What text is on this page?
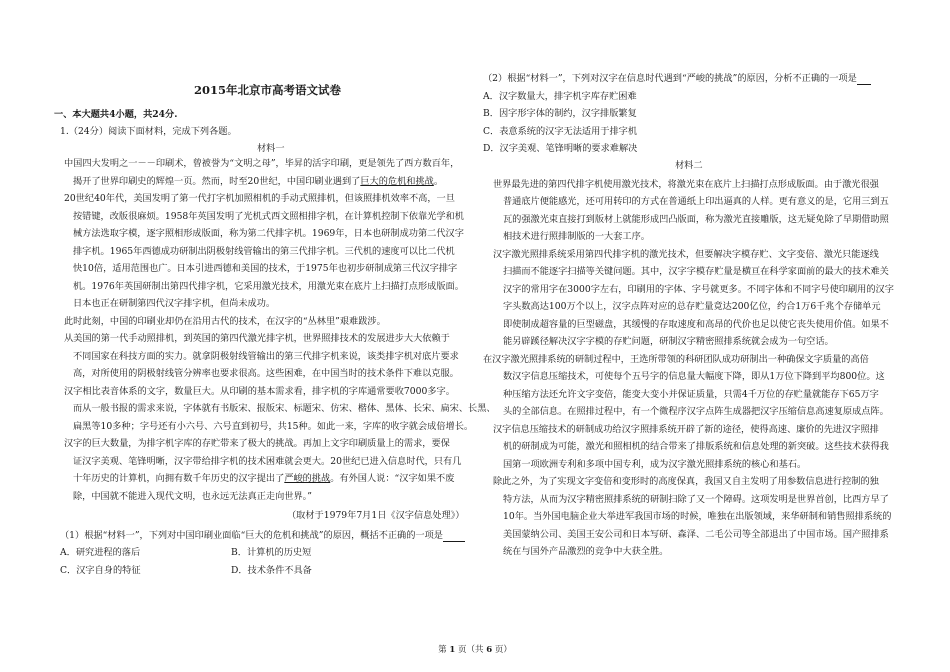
2015年北京市高考语文试卷
一、本大题共4小题，共24分.
1.（24分）阅读下面材料，完成下列各题。
材料一
中国四大发明之一－－印刷术，曾被誉为“文明之母”，毕昇的活字印刷，更是领先了西方数百年，
揭开了世界印刷史的辉煌一页。然而，时至20世纪，中国印刷业遇到了巨大的危机和挑战。
20世纪40年代，美国发明了第一代打字机加照相机的手动式照排机，但该照排机效率不高，一旦
按错键，改版很麻烦。1958年英国发明了光机式西文照相排字机，在计算机控制下依靠光学和机
械方法选取字模，逐字照相形成版面，称为第二代排字机。1969年，日本也研制成功第二代汉字
排字机。1965年西德成功研制出阴极射线管输出的第三代排字机。三代机的速度可以比二代机
快10倍，适用范围也广。日本引进西德和美国的技术，于1975年也初步研制成第三代汉字排字
机。1976年英国研制出第四代排字机，它采用激光技术，用激光束在底片上扫描打点形成版面。
日本也正在研制第四代汉字排字机，但尚未成功。
此时此刻，中国的印刷业却仍在沿用古代的技术，在汉字的“丛林里”艰难跋涉。
从美国的第一代手动照排机，到英国的第四代激光排字机，世界照排技术的发展进步大大依赖于
不同国家在科技方面的实力。就拿阴极射线管输出的第三代排字机来说，该类排字机对底片要求
高，对所使用的阴极射线管分辨率也要求很高。这些困难，在中国当时的技术条件下难以克服。
汉字相比表音体系的文字，数量巨大。从印刷的基本需求看，排字机的字库通常要收7000多字。
而从一般书报的需求来说，字体就有书版宋、报版宋、标题宋、仿宋、楷体、黑体、长宋、扁宋、长黑、
扁黑等10多种；字号还有小六号、六号直到初号，共15种。如此一来，字库的收字就会成倍增长。
汉字的巨大数量，为排字机字库的存贮带来了极大的挑战。再加上文字印刷质量上的需求，要保
证汉字美观、笔锋明晰，汉字带给排字机的技术困难就会更大。20世纪已进入信息时代，只有几
十年历史的计算机，向拥有数千年历史的汉字提出了严峻的挑战。有外国人说：“汉字如果不废
除，中国就不能进入现代文明，也永远无法真正走向世界。”
（取材于1979年7月1日《汉字信息处理》）
（1）根据“材料一”，下列对中国印刷业面临“巨大的危机和挑战”的原因，概括不正确的一项是
A．研究进程的落后	B．计算机的历史短
C．汉字自身的特征	D．技术条件不具备
（2）根据“材料一”，下列对汉字在信息时代遇到“严峻的挑战”的原因，分析不正确的一项是
A．汉字数量大，排字机字库存贮困难
B．因字形字体的制约，汉字排版繁复
C．表意系统的汉字无法适用于排字机
D．汉字美观、笔锋明晰的要求难解决
材料二
世界最先进的第四代排字机使用激光技术，将激光束在底片上扫描打点形成版面。由于激光很强
普通底片便能感光，还可用转印的方式在普通纸上印出逼真的人样。更有意义的是，它用三到五
瓦的强激光束直接打到版材上就能形成凹凸版面，称为激光直接雕版，这无疑免除了早期借助照
相技术进行照排制版的一大套工序。
汉字激光照排系统采用第四代排字机的激光技术，但要解决字模存贮、文字变倍、激光只能逐线
扫描而不能逐字扫描等关键问题。其中，汉字字模存贮量是横亘在科学家面前的最大的技术难关
汉字的常用字在3000字左右，印刷用的字体、字号就更多。不同字体和不同字号使印刷用的汉字
字头数高达100万个以上，汉字点阵对应的总存贮量竟达200亿位，约合1万6千兆个存储单元
即使制成超容量的巨型磁盘，其缓慢的存取速度和高昂的代价也足以使它丧失使用价值。如果不
能另辟蹊径解决汉字字模的存贮问题，研制汉字精密照排系统就会成为一句空话。
在汉字激光照排系统的研制过程中，王选所带领的科研团队成功研制出一种确保文字质量的高倍
数汉字信息压缩技术，可使每个五号字的信息量大幅度下降，即从1万位下降到平均800位。这
种压缩方法还允许文字变倍，能变大变小并保证质量，只需4千万位的存贮量就能存下65万字
头的全部信息。在照排过程中，有一个微程序汉字点阵生成器把汉字压缩信息高速复原成点阵。
汉字信息压缩技术的研制成功给汉字照排系统开辟了新的途径，使得高速、廉价的先进汉字照排
机的研制成为可能，激光和照相机的结合带来了排版系统和信息处理的新突破。这些技术获得我
国第一项欧洲专利和多项中国专利，成为汉字激光照排系统的核心和基石。
除此之外，为了实现文字变倍和变形时的高度保真，我国又自主发明了用参数信息进行控制的独
特方法，从而为汉字精密照排系统的研制扫除了又一个障碍。这项发明是世界首创，比西方早了
10年。当外国电脑企业大举进军我国市场的时候，唯独在出版领域，来华研制和销售照排系统的
美国蒙纳公司、美国王安公司和日本写研、森泽、二毛公司等全部退出了中国市场。国产照排系
统在与国外产品激烈的竞争中大获全胜。
第 1 页（共 6 页）
